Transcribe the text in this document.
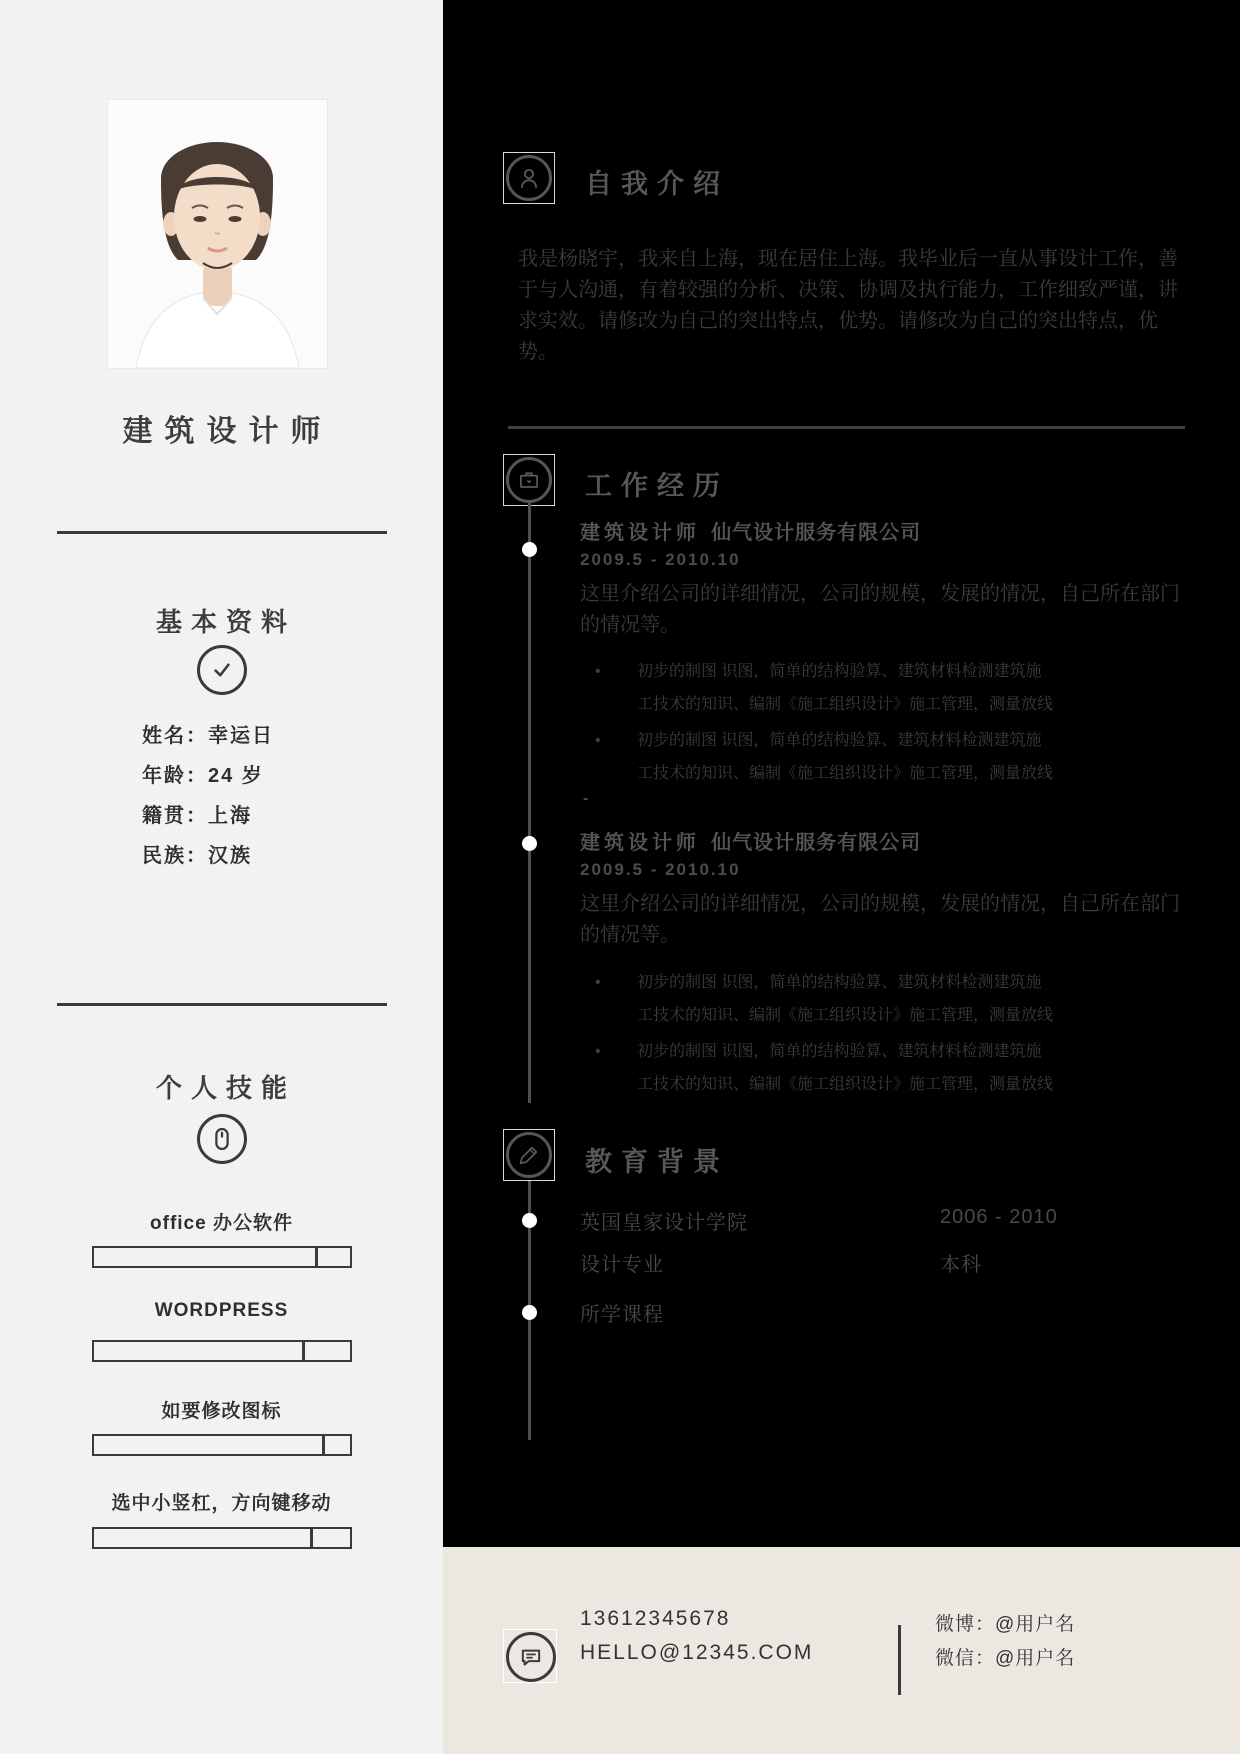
建筑设计师
基本资料
姓名：幸运日
年龄：24 岁
籍贯：上海
民族：汉族
个人技能
office 办公软件
WORDPRESS
如要修改图标
选中小竖杠，方向键移动
自我介绍
我是杨晓宇，我来自上海，现在居住上海。我毕业后一直从事设计工作，善于与人沟通，有着较强的分析、决策、协调及执行能力，工作细致严谨，讲求实效。请修改为自己的突出特点，优势。请修改为自己的突出特点，优势。
工作经历
建筑设计师 仙气设计服务有限公司
2009.5 - 2010.10
这里介绍公司的详细情况，公司的规模，发展的情况，自己所在部门的情况等。
•	初步的制图 识图，简单的结构验算、建筑材料检测建筑施工技术的知识、编制《施工组织设计》施工管理，测量放线
•	初步的制图 识图，简单的结构验算、建筑材料检测建筑施工技术的知识、编制《施工组织设计》施工管理，测量放线
-
建筑设计师 仙气设计服务有限公司
2009.5 - 2010.10
这里介绍公司的详细情况，公司的规模，发展的情况，自己所在部门的情况等。
•	初步的制图 识图，简单的结构验算、建筑材料检测建筑施工技术的知识、编制《施工组织设计》施工管理，测量放线
•	初步的制图 识图，简单的结构验算、建筑材料检测建筑施工技术的知识、编制《施工组织设计》施工管理，测量放线
教育背景
英国皇家设计学院	2006 - 2010
设计专业	本科
所学课程
13612345678
HELLO@12345.COM
微博：@用户名
微信：@用户名
